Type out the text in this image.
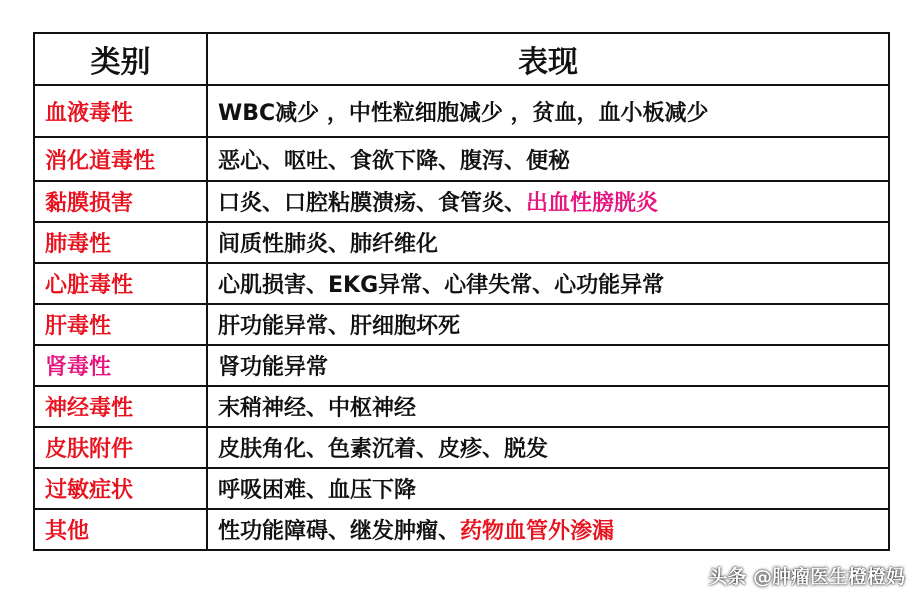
类别	表现
血液毒性	WBC减少 ，中性粒细胞减少 ，贫血，血小板减少
消化道毒性	恶心、呕吐、食欲下降、腹泻、便秘
黏膜损害	口炎、口腔粘膜溃疡、食管炎、出血性膀胱炎
肺毒性	间质性肺炎、肺纤维化
心脏毒性	心肌损害、EKG异常、心律失常、心功能异常
肝毒性	肝功能异常、肝细胞坏死
肾毒性	肾功能异常
神经毒性	末稍神经、中枢神经
皮肤附件	皮肤角化、色素沉着、皮疹、脱发
过敏症状	呼吸困难、血压下降
其他	性功能障碍、继发肿瘤、药物血管外渗漏
头条 @肿瘤医生橙橙妈
